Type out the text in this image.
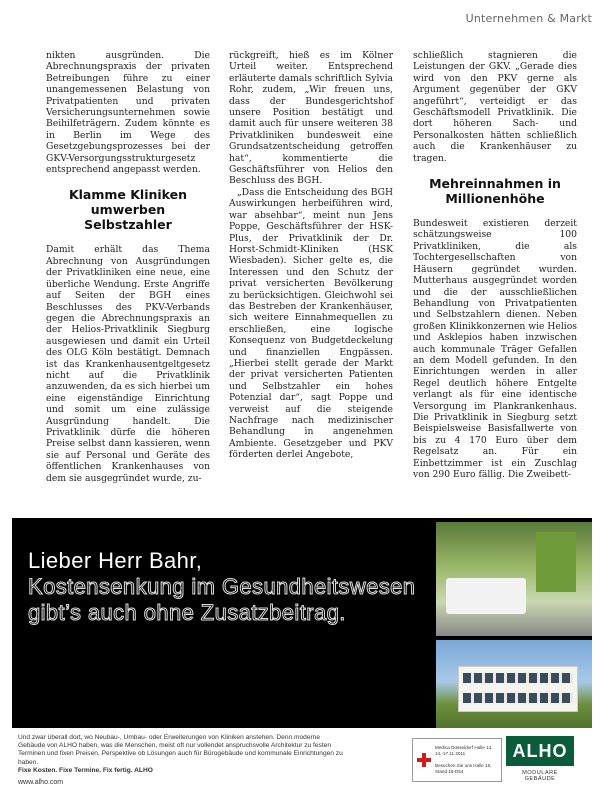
Unternehmen & Markt

nikten ausgründen. Die Abrechnungspraxis der privaten Betreibungen führe zu einer unangemessenen Belastung von Privatpatienten und privaten Versicherungsunternehmen sowie Beihilfeträgern. Zudem könnte es in Berlin im Wege des Gesetzgebungsprozesses bei der GKV-Versorgungsstrukturgesetz entsprechend angepasst werden.

Klamme Kliniken umwerben Selbstzahler

Damit erhält das Thema Abrechnung von Ausgründungen der Privatkliniken eine neue, eine überliche Wendung. Erste Angriffe auf Seiten der BGH eines Beschlusses des PKV-Verbands gegen die Abrechnungspraxis an der Helios-Privatklinik Siegburg ausgewiesen und damit ein Urteil des OLG Köln bestätigt. Demnach ist das Krankenhausentgeltgesetz nicht auf die Privatklinik anzuwenden, da es sich hierbei um eine eigenständige Einrichtung und somit um eine zulässige Ausgründung handelt. Die Privatklinik dürfe die höheren Preise selbst dann kassieren, wenn sie auf Personal und Geräte des öffentlichen Krankenhauses von dem sie ausgegründet wurde, zu-

rückgreift, hieß es im Kölner Urteil weiter. Entsprechend erläuterte damals schriftlich Sylvia Rohr, zudem, „Wir freuen uns, dass der Bundesgerichtshof unsere Position bestätigt und damit auch für unsere weiteren 38 Privatkliniken bundesweit eine Grundsatzentscheidung getroffen hat“, kommentierte die Geschäftsführer von Helios den Beschluss des BGH.

„Dass die Entscheidung des BGH Auswirkungen herbeiführen wird, war absehbar“, meint nun Jens Poppe, Geschäftsführer der HSK-Plus, der Privatklinik der Dr. Horst-Schmidt-Kliniken (HSK Wiesbaden). Sicher gelte es, die Interessen und den Schutz der privat versicherten Bevölkerung zu berücksichtigen. Gleichwohl sei das Bestreben der Krankenhäuser, sich weitere Einnahmequellen zu erschließen, eine logische Konsequenz von Budgetdeckelung und finanziellen Engpässen. „Hierbei stellt gerade der Markt der privat versicherten Patienten und Selbstzahler ein hohes Potenzial dar“, sagt Poppe und verweist auf die steigende Nachfrage nach medizinischer Behandlung in angenehmen Ambiente. Gesetzgeber und PKV förderten derlei Angebote,

schließlich stagnieren die Leistungen der GKV. „Gerade dies wird von den PKV gerne als Argument gegenüber der GKV angeführt“, verteidigt er das Geschäftsmodell Privatklinik. Die dort höheren Sach- und Personalkosten hätten schließlich auch die Krankenhäuser zu tragen.

Mehreinnahmen in Millionenhöhe

Bundesweit existieren derzeit schätzungsweise 100 Privatkliniken, die als Tochtergesellschaften von Häusern gegründet wurden. Mutterhaus ausgegründet worden und die der ausschließlichen Behandlung von Privatpatienten und Selbstzahlern dienen. Neben großen Klinikkonzernen wie Helios und Asklepios haben inzwischen auch kommunale Träger Gefallen an dem Modell gefunden. In den Einrichtungen werden in aller Regel deutlich höhere Entgelte verlangt als für eine identische Versorgung im Plankrankenhaus. Die Privatklinik in Siegburg setzt Beispielsweise Basisfallwerte von bis zu 4 170 Euro über dem Regelsatz an. Für ein Einbettzimmer ist ein Zuschlag von 290 Euro fällig. Die Zweibett-

Lieber Herr Bahr,
Kostensenkung im Gesundheitswesen gibt’s auch ohne Zusatzbeitrag.
Und zwar überall dort, wo Neubau-, Umbau- oder Erweiterungen von Kliniken anstehen. Denn moderne Gebäude von ALHO haben, was die Menschen, meist oft nur vollendet anspruchsvolle Architektur zu festen Terminen und fixen Preisen. Perspektive ob Lösungen auch für Bürogebäude und kommunale Einrichtungen zu haben.
Fixe Kosten. Fixe Termine. Fix fertig. ALHO
www.alho.com
Medica Düsseldorf Halle 13, 14.-17.11.2011
Besuchen Sie uns Halle 16, Stand 16-D54
ALHO
MODULARE GEBÄUDE
